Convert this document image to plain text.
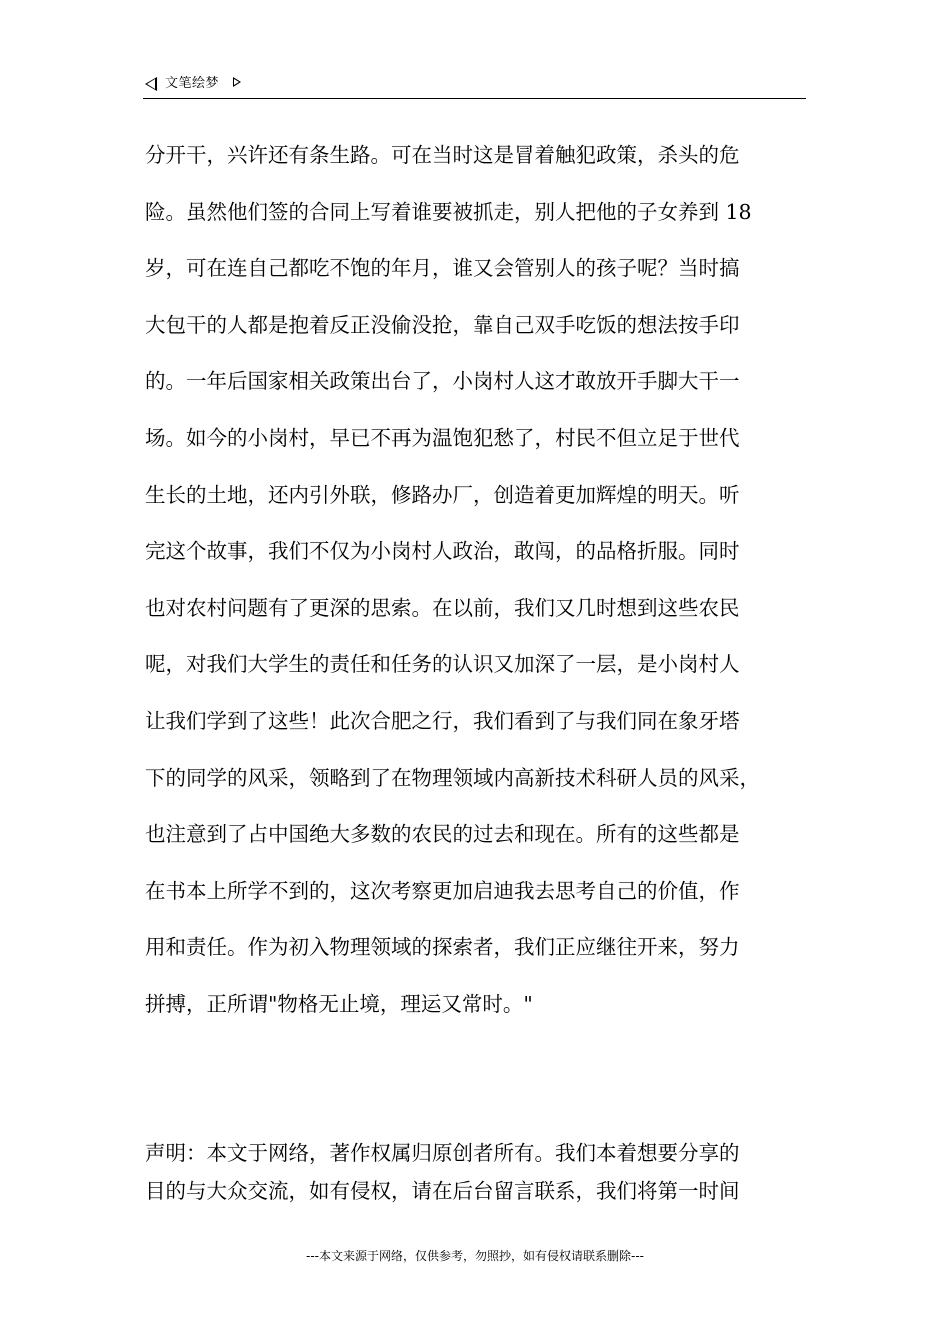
文笔绘梦
分开干，兴许还有条生路。可在当时这是冒着触犯政策，杀头的危
险。虽然他们签的合同上写着谁要被抓走，别人把他的子女养到 18
岁，可在连自己都吃不饱的年月，谁又会管别人的孩子呢？当时搞
大包干的人都是抱着反正没偷没抢，靠自己双手吃饭的想法按手印
的。一年后国家相关政策出台了，小岗村人这才敢放开手脚大干一
场。如今的小岗村，早已不再为温饱犯愁了，村民不但立足于世代
生长的土地，还内引外联，修路办厂，创造着更加辉煌的明天。听
完这个故事，我们不仅为小岗村人政治，敢闯，的品格折服。同时
也对农村问题有了更深的思索。在以前，我们又几时想到这些农民
呢，对我们大学生的责任和任务的认识又加深了一层，是小岗村人
让我们学到了这些！此次合肥之行，我们看到了与我们同在象牙塔
下的同学的风采，领略到了在物理领域内高新技术科研人员的风采，
也注意到了占中国绝大多数的农民的过去和现在。所有的这些都是
在书本上所学不到的，这次考察更加启迪我去思考自己的价值，作
用和责任。作为初入物理领域的探索者，我们正应继往开来，努力
拼搏，正所谓"物格无止境，理运又常时。"
声明：本文于网络，著作权属归原创者所有。我们本着想要分享的
目的与大众交流，如有侵权，请在后台留言联系，我们将第一时间
---本文来源于网络，仅供参考，勿照抄，如有侵权请联系删除---
